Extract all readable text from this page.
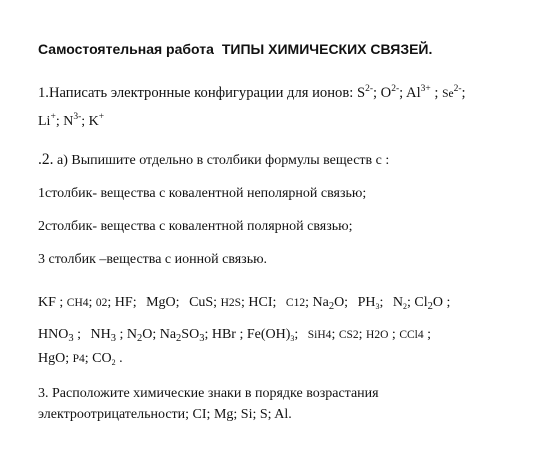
Самостоятельная работа ТИПЫ ХИМИЧЕСКИХ СВЯЗЕЙ.
1.Написать электронные конфигурации для ионов: $S^{2-}$; $O^{2-}$; $Al^{3+}$ ; $Se^{2-}$;
Li+; $N^{3-}$; K+
.2. а) Выпишите отдельно в столбики формулы веществ с :
1столбик- вещества с ковалентной неполярной связью;
2столбик- вещества с ковалентной полярной связью;
3 столбик –вещества с ионной связью.
KF ; CH4; 02; HF; MgO; CuS; H2S; HCI; C12; $Na_2O$; $PH_3$; $N_2$; $Cl_2O$ ;
$HNO_3$ ; $NH_3$ ; $N_2O$; $Na_2SO_3$; HBr ; $Fe(OH)_3$; SiH4; CS2; H2O ; CCl4 ;
HgO; P4; $CO_2$ .
3. Расположите химические знаки в порядке возрастания
электроотрицательности; CI; Mg; Si; S; Al.
